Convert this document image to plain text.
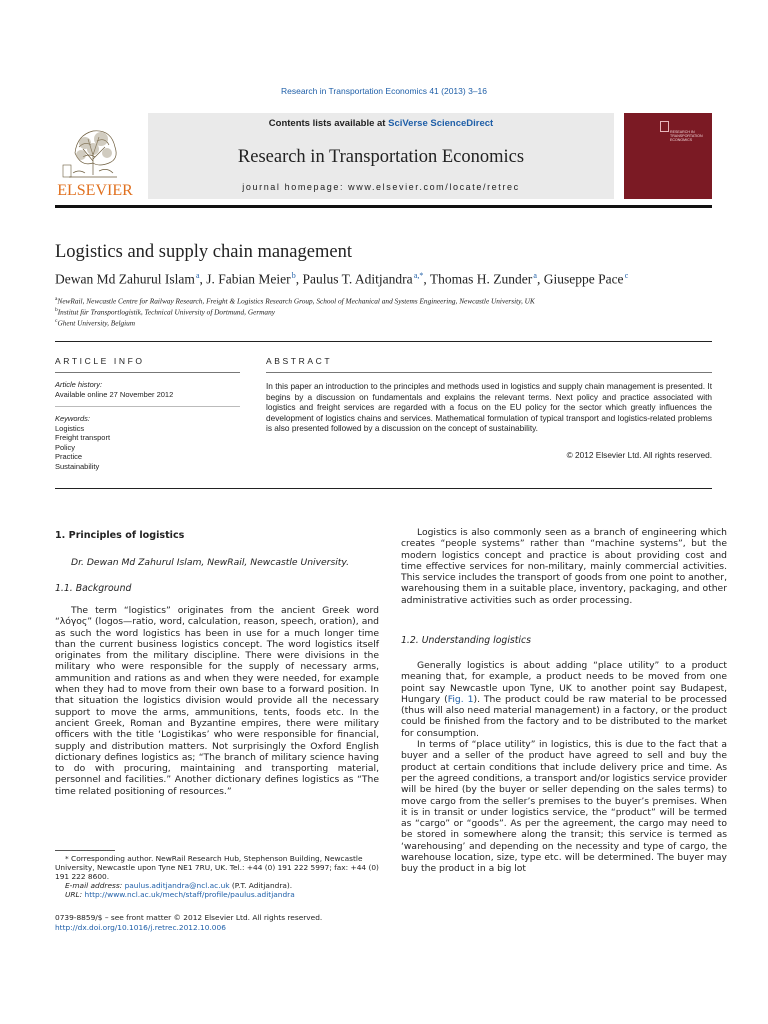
Research in Transportation Economics 41 (2013) 3–16
ELSEVIER
Contents lists available at SciVerse ScienceDirect
Research in Transportation Economics
journal homepage: www.elsevier.com/locate/retrec
RESEARCH IN TRANSPORTATION ECONOMICS
Logistics and supply chain management
Dewan Md Zahurul Islam $^a$, J. Fabian Meier $^b$, Paulus T. Aditjandra $^{a,*}$, Thomas H. Zunder $^a$, Giuseppe Pace $^c$
$^a$NewRail, Newcastle Centre for Railway Research, Freight & Logistics Research Group, School of Mechanical and Systems Engineering, Newcastle University, UK
$^b$Institut für Transportlogistik, Technical University of Dortmund, Germany
$^c$Ghent University, Belgium
ARTICLE INFO	ABSTRACT
Article history:
Available online 27 November 2012
Keywords:
Logistics
Freight transport
Policy
Practice
Sustainability
In this paper an introduction to the principles and methods used in logistics and supply chain management is presented. It begins by a discussion on fundamentals and explains the relevant terms. Next policy and practice associated with logistics and freight services are regarded with a focus on the EU policy for the sector which greatly influences the development of logistics chains and services. Mathematical formulation of typical transport and logistics-related problems is also presented followed by a discussion on the concept of sustainability.
© 2012 Elsevier Ltd. All rights reserved.
1. Principles of logistics
Dr. Dewan Md Zahurul Islam, NewRail, Newcastle University.
1.1. Background

The term “logistics” originates from the ancient Greek word “λόγος” (logos—ratio, word, calculation, reason, speech, oration), and as such the word logistics has been in use for a much longer time than the current business logistics concept. The word logistics itself originates from the military discipline. There were divisions in the military who were responsible for the supply of necessary arms, ammunition and rations as and when they were needed, for example when they had to move from their own base to a forward position. In that situation the logistics division would provide all the necessary support to move the arms, ammunitions, tents, foods etc. In the ancient Greek, Roman and Byzantine empires, there were military officers with the title ‘Logistikas’ who were responsible for financial, supply and distribution matters. Not surprisingly the Oxford English dictionary defines logistics as; “The branch of military science having to do with procuring, maintaining and transporting material, personnel and facilities.” Another dictionary defines logistics as “The time related positioning of resources.”

* Corresponding author. NewRail Research Hub, Stephenson Building, Newcastle University, Newcastle upon Tyne NE1 7RU, UK. Tel.: +44 (0) 191 222 5997; fax: +44 (0) 191 222 8600.
E-mail address: paulus.aditjandra@ncl.ac.uk (P.T. Aditjandra).
URL: http://www.ncl.ac.uk/mech/staff/profile/paulus.aditjandra
0739-8859/$ – see front matter © 2012 Elsevier Ltd. All rights reserved.
http://dx.doi.org/10.1016/j.retrec.2012.10.006

Logistics is also commonly seen as a branch of engineering which creates “people systems” rather than “machine systems”, but the modern logistics concept and practice is about providing cost and time effective services for non-military, mainly commercial activities. This service includes the transport of goods from one point to another, warehousing them in a suitable place, inventory, packaging, and other administrative activities such as order processing.

1.2. Understanding logistics

Generally logistics is about adding “place utility” to a product meaning that, for example, a product needs to be moved from one point say Newcastle upon Tyne, UK to another point say Budapest, Hungary (Fig. 1). The product could be raw material to be processed (thus will also need material management) in a factory, or the product could be finished from the factory and to be distributed to the market for consumption.

In terms of “place utility” in logistics, this is due to the fact that a buyer and a seller of the product have agreed to sell and buy the product at certain conditions that include delivery price and time. As per the agreed conditions, a transport and/or logistics service provider will be hired (by the buyer or seller depending on the sales terms) to move cargo from the seller’s premises to the buyer’s premises. When it is in transit or under logistics service, the “product” will be termed as “cargo” or “goods”. As per the agreement, the cargo may need to be stored in somewhere along the transit; this service is termed as ‘warehousing’ and depending on the necessity and type of cargo, the warehouse location, size, type etc. will be determined. The buyer may buy the product in a big lot
